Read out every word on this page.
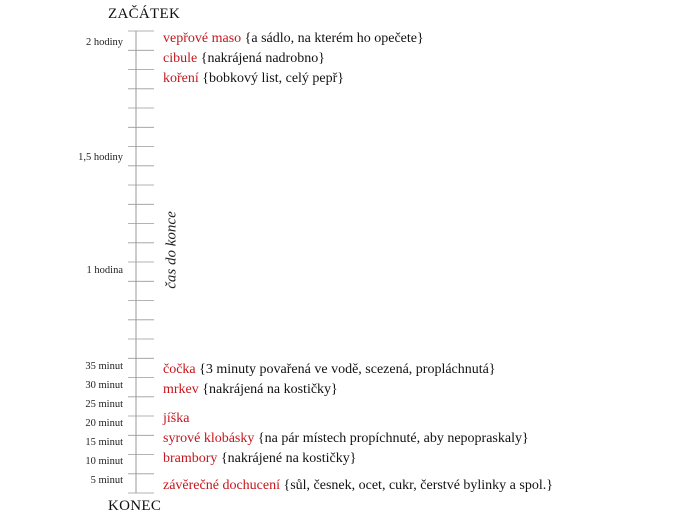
ZAČÁTEK
2 hodiny
1,5 hodiny
1 hodina
35 minut
30 minut
25 minut
20 minut
15 minut
10 minut
5 minut
čas do konce
vepřové maso {a sádlo, na kterém ho opečete}
cibule {nakrájená nadrobno}
koření {bobkový list, celý pepř}
čočka {3 minuty povařená ve vodě, scezená, propláchnutá}
mrkev {nakrájená na kostičky}
jíška
syrové klobásky {na pár místech propíchnuté, aby nepopraskaly}
brambory {nakrájené na kostičky}
závěrečné dochucení {sůl, česnek, ocet, cukr, čerstvé bylinky a spol.}
KONEC
